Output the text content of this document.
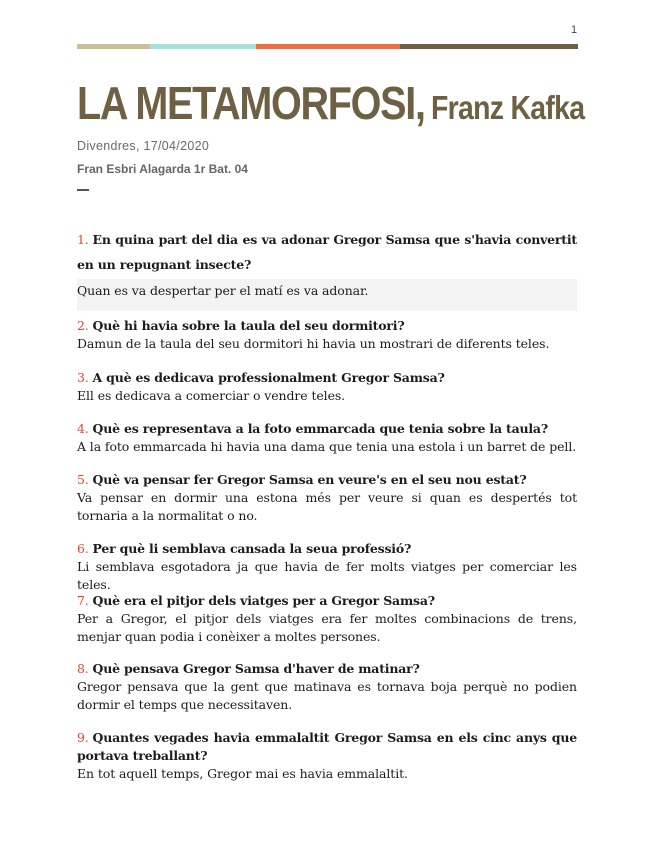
1
LA METAMORFOSI, Franz Kafka
Divendres, 17/04/2020
Fran Esbri Alagarda 1r Bat. 04

1. En quina part del dia es va adonar Gregor Samsa que s'havia convertit en un repugnant insecte?

Quan es va despertar per el matí es va adonar.

2. Què hi havia sobre la taula del seu dormitori?

Damun de la taula del seu dormitori hi havia un mostrari de diferents teles.

3. A què es dedicava professionalment Gregor Samsa?

Ell es dedicava a comerciar o vendre teles.

4. Què es representava a la foto emmarcada que tenia sobre la taula?

A la foto emmarcada hi havia una dama que tenia una estola i un barret de pell.

5. Què va pensar fer Gregor Samsa en veure's en el seu nou estat?

Va pensar en dormir una estona més per veure si quan es despertés tot tornaria a la normalitat o no.

6. Per què li semblava cansada la seua professió?

Li semblava esgotadora ja que havia de fer molts viatges per comerciar les teles.

7. Què era el pitjor dels viatges per a Gregor Samsa?

Per a Gregor, el pitjor dels viatges era fer moltes combinacions de trens, menjar quan podia i conèixer a moltes persones.

8. Què pensava Gregor Samsa d'haver de matinar?

Gregor pensava que la gent que matinava es tornava boja perquè no podien dormir el temps que necessitaven.

9. Quantes vegades havia emmalaltit Gregor Samsa en els cinc anys que portava treballant?

En tot aquell temps, Gregor mai es havia emmalaltit.
